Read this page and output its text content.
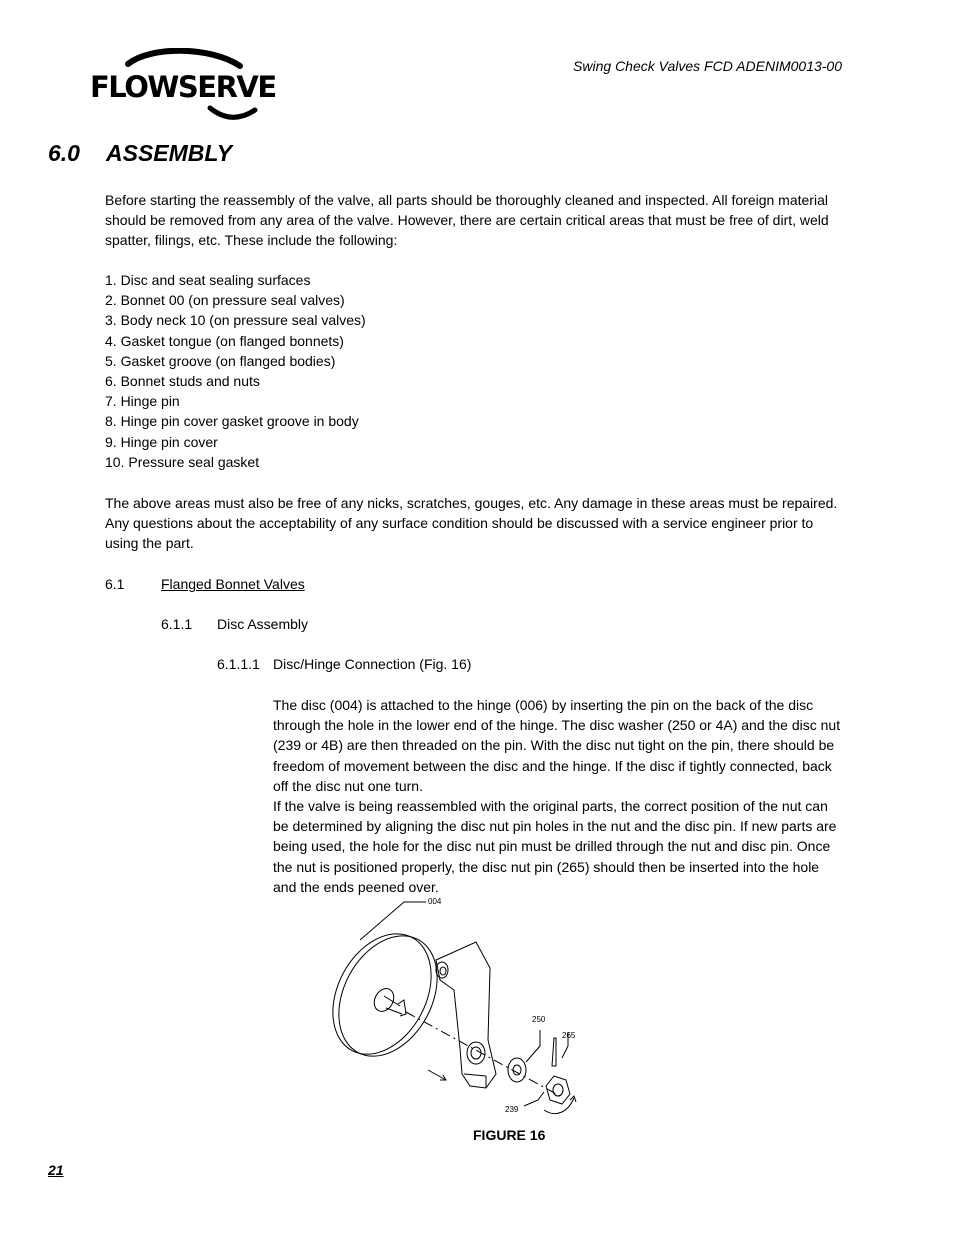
FLOWSERVE
Swing Check Valves FCD ADENIM0013-00
6.0 ASSEMBLY
Before starting the reassembly of the valve, all parts should be thoroughly cleaned and inspected. All foreign material should be removed from any area of the valve. However, there are certain critical areas that must be free of dirt, weld spatter, filings, etc. These include the following:
1. Disc and seat sealing surfaces
2. Bonnet 00 (on pressure seal valves)
3. Body neck 10 (on pressure seal valves)
4. Gasket tongue (on flanged bonnets)
5. Gasket groove (on flanged bodies)
6. Bonnet studs and nuts
7. Hinge pin
8. Hinge pin cover gasket groove in body
9. Hinge pin cover
10. Pressure seal gasket
The above areas must also be free of any nicks, scratches, gouges, etc. Any damage in these areas must be repaired. Any questions about the acceptability of any surface condition should be discussed with a service engineer prior to using the part.
6.1	Flanged Bonnet Valves
6.1.1 Disc Assembly
6.1.1.1 Disc/Hinge Connection (Fig. 16)
The disc (004) is attached to the hinge (006) by inserting the pin on the back of the disc through the hole in the lower end of the hinge. The disc washer (250 or 4A) and the disc nut (239 or 4B) are then threaded on the pin. With the disc nut tight on the pin, there should be freedom of movement between the disc and the hinge. If the disc if tightly connected, back off the disc nut one turn.
If the valve is being reassembled with the original parts, the correct position of the nut can be determined by aligning the disc nut pin holes in the nut and the disc pin. If new parts are being used, the hole for the disc nut pin must be drilled through the nut and disc pin. Once the nut is positioned properly, the disc nut pin (265) should then be inserted into the hole and the ends peened over.
004
250
265
239
FIGURE 16
21
